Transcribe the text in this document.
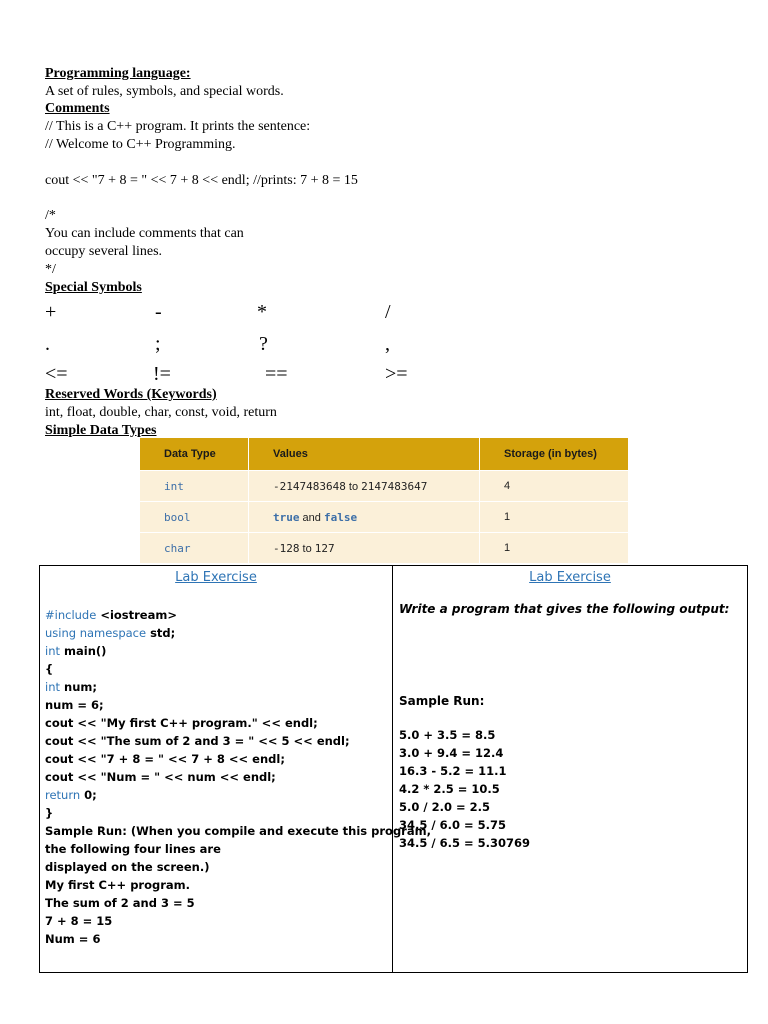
Programming language:
A set of rules, symbols, and special words.
Comments
// This is a C++ program. It prints the sentence:
// Welcome to C++ Programming.
cout << "7 + 8 = " << 7 + 8 << endl; //prints: 7 + 8 = 15
/*
You can include comments that can
occupy several lines.
*/
Special Symbols
+	-	*	/
.	;	?	,
<=	!=	==	>=
Reserved Words (Keywords)
int, float, double, char, const, void, return
Simple Data Types
Data Type	Values	Storage (in bytes)
int	-2147483648 to 2147483647	4
bool	true and false	1
char	-128 to 127	1
Lab Exercise
#include <iostream>
using namespace std;
int main()
{
int num;
num = 6;
cout << "My first C++ program." << endl;
cout << "The sum of 2 and 3 = " << 5 << endl;
cout << "7 + 8 = " << 7 + 8 << endl;
cout << "Num = " << num << endl;
return 0;
}
Sample Run: (When you compile and execute this program,
the following four lines are
displayed on the screen.)
My first C++ program.
The sum of 2 and 3 = 5
7 + 8 = 15
Num = 6
Lab Exercise
Write a program that gives the following output:
Sample Run:
5.0 + 3.5 = 8.5
3.0 + 9.4 = 12.4
16.3 - 5.2 = 11.1
4.2 * 2.5 = 10.5
5.0 / 2.0 = 2.5
34.5 / 6.0 = 5.75
34.5 / 6.5 = 5.30769
